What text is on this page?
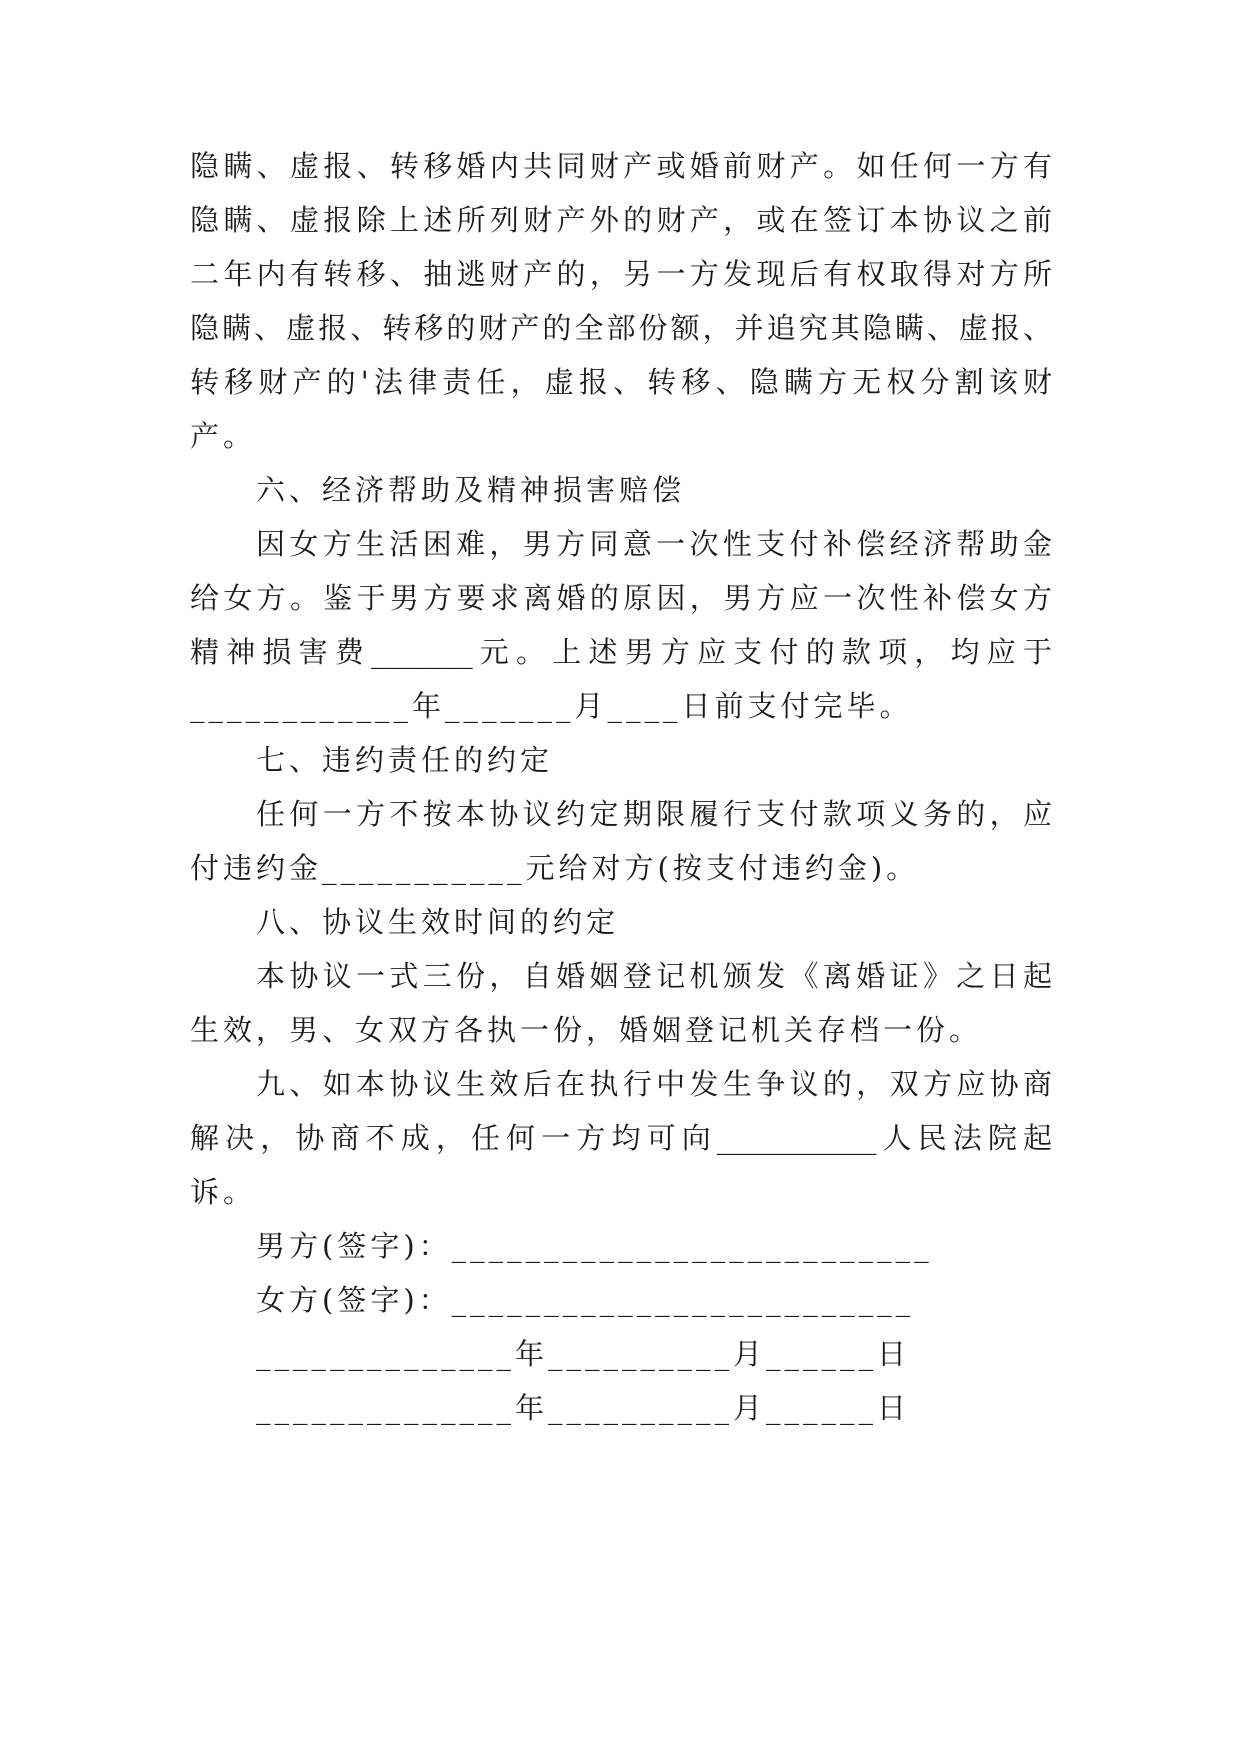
隐瞒、虚报、转移婚内共同财产或婚前财产。如任何一方有
隐瞒、虚报除上述所列财产外的财产，或在签订本协议之前
二年内有转移、抽逃财产的，另一方发现后有权取得对方所
隐瞒、虚报、转移的财产的全部份额，并追究其隐瞒、虚报、
转移财产的'法律责任，虚报、转移、隐瞒方无权分割该财
产。
六、经济帮助及精神损害赔偿
因女方生活困难，男方同意一次性支付补偿经济帮助金
给女方。鉴于男方要求离婚的原因，男方应一次性补偿女方
精神损害费_______元。上述男方应支付的款项，均应于
____________年_______月____日前支付完毕。
七、违约责任的约定
任何一方不按本协议约定期限履行支付款项义务的，应
付违约金___________元给对方(按支付违约金)。
八、协议生效时间的约定
本协议一式三份，自婚姻登记机颁发《离婚证》之日起
生效，男、女双方各执一份，婚姻登记机关存档一份。
九、如本协议生效后在执行中发生争议的，双方应协商
解决，协商不成，任何一方均可向___________人民法院起
诉。
男方(签字)：__________________________
女方(签字)：_________________________
______________年__________月______日
______________年__________月______日
